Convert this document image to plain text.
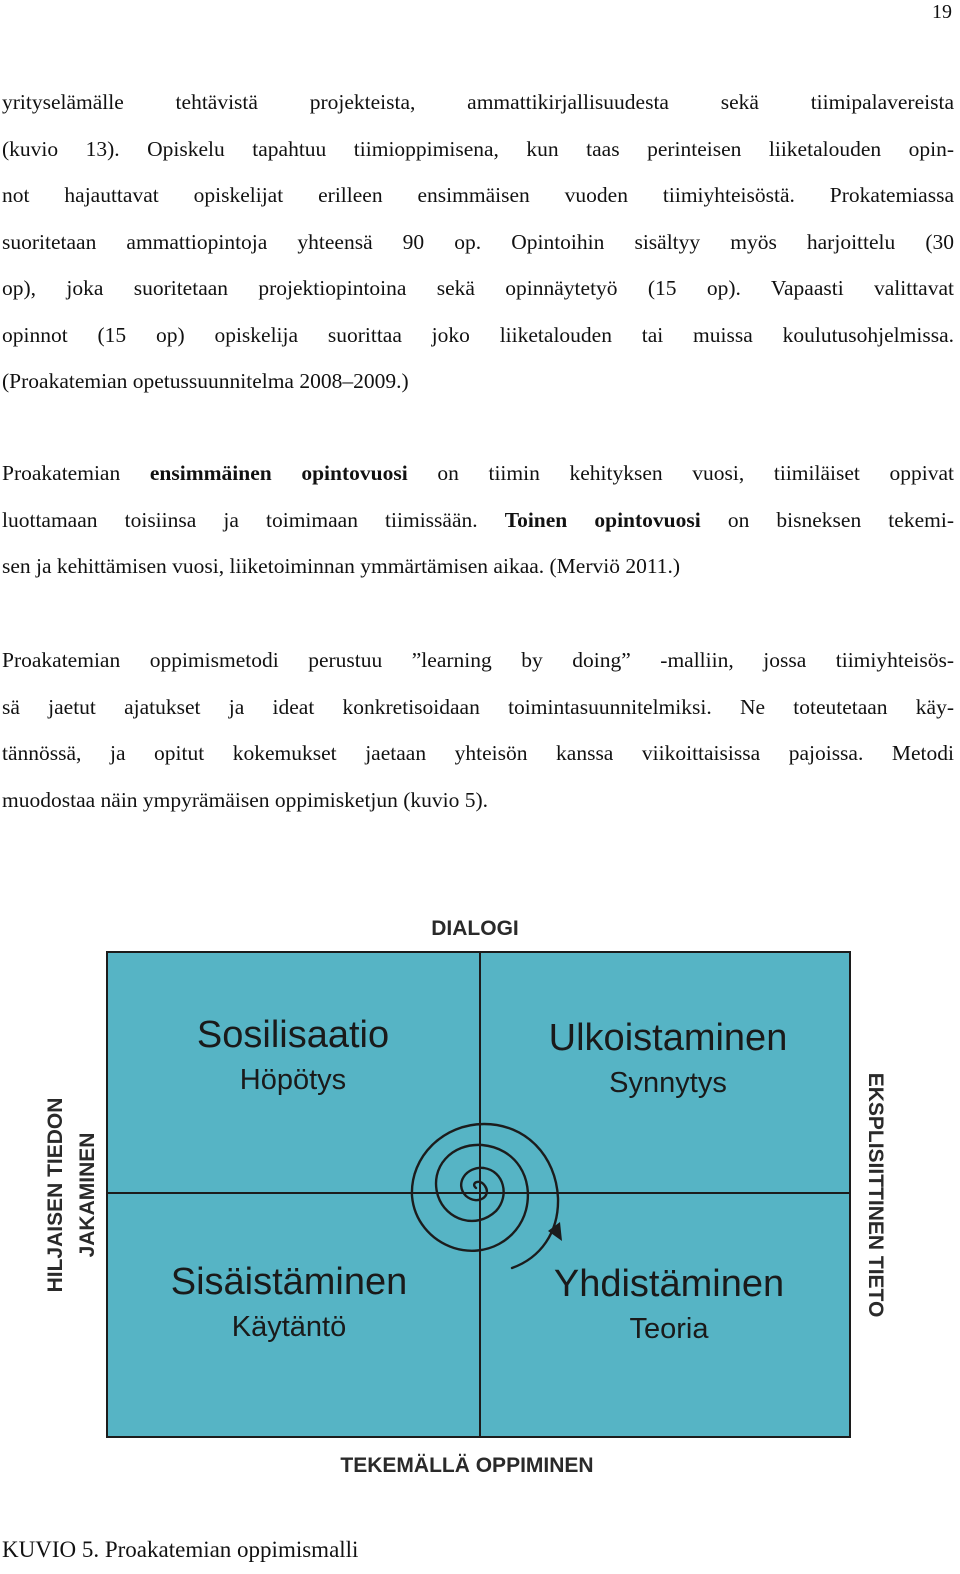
19

yrityselämälle tehtävistä projekteista, ammattikirjallisuudesta sekä tiimipalavereista
(kuvio 13). Opiskelu tapahtuu tiimioppimisena, kun taas perinteisen liiketalouden opin-
not hajauttavat opiskelijat erilleen ensimmäisen vuoden tiimiyhteisöstä. Prokatemiassa
suoritetaan ammattiopintoja yhteensä 90 op. Opintoihin sisältyy myös harjoittelu (30
op), joka suoritetaan projektiopintoina sekä opinnäytetyö (15 op). Vapaasti valittavat
opinnot (15 op) opiskelija suorittaa joko liiketalouden tai muissa koulutusohjelmissa.
(Proakatemian opetussuunnitelma 2008–2009.)

Proakatemian ensimmäinen opintovuosi on tiimin kehityksen vuosi, tiimiläiset oppivat
luottamaan toisiinsa ja toimimaan tiimissään. Toinen opintovuosi on bisneksen tekemi-
sen ja kehittämisen vuosi, liiketoiminnan ymmärtämisen aikaa. (Merviö 2011.)

Proakatemian oppimismetodi perustuu ”learning by doing” -malliin, jossa tiimiyhteisös-
sä jaetut ajatukset ja ideat konkretisoidaan toimintasuunnitelmiksi. Ne toteutetaan käy-
tännössä, ja opitut kokemukset jaetaan yhteisön kanssa viikoittaisissa pajoissa. Metodi
muodostaa näin ympyrämäisen oppimisketjun (kuvio 5).

DIALOGI
Sosilisaatio
Höpötys
Ulkoistaminen
Synnytys
Sisäistäminen
Käytäntö
Yhdistäminen
Teoria
HILJAISEN TIEDON JAKAMINEN	EKSPLISIITTINEN TIETO
TEKEMÄLLÄ OPPIMINEN

KUVIO 5. Proakatemian oppimismalli
